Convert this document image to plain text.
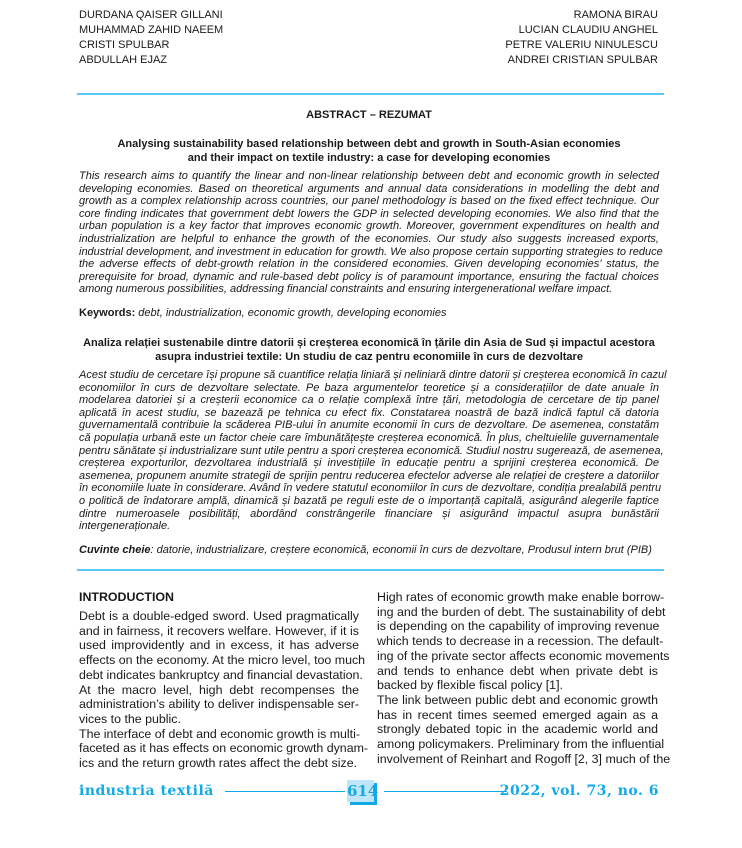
DURDANA QAISER GILLANI
MUHAMMAD ZAHID NAEEM
CRISTI SPULBAR
ABDULLAH EJAZ
RAMONA BIRAU
LUCIAN CLAUDIU ANGHEL
PETRE VALERIU NINULESCU
ANDREI CRISTIAN SPULBAR
ABSTRACT – REZUMAT
Analysing sustainability based relationship between debt and growth in South-Asian economies
and their impact on textile industry: a case for developing economies
This research aims to quantify the linear and non-linear relationship between debt and economic growth in selected
developing economies. Based on theoretical arguments and annual data considerations in modelling the debt and
growth as a complex relationship across countries, our panel methodology is based on the fixed effect technique. Our
core finding indicates that government debt lowers the GDP in selected developing economies. We also find that the
urban population is a key factor that improves economic growth. Moreover, government expenditures on health and
industrialization are helpful to enhance the growth of the economies. Our study also suggests increased exports,
industrial development, and investment in education for growth. We also propose certain supporting strategies to reduce
the adverse effects of debt-growth relation in the considered economies. Given developing economies’ status, the
prerequisite for broad, dynamic and rule-based debt policy is of paramount importance, ensuring the factual choices
among numerous possibilities, addressing financial constraints and ensuring intergenerational welfare impact.
Keywords: debt, industrialization, economic growth, developing economies
Analiza relației sustenabile dintre datorii și creșterea economică în țările din Asia de Sud și impactul acestora
asupra industriei textile: Un studiu de caz pentru economiile în curs de dezvoltare
Acest studiu de cercetare își propune să cuantifice relația liniară și neliniară dintre datorii și creșterea economică în cazul
economiilor în curs de dezvoltare selectate. Pe baza argumentelor teoretice și a considerațiilor de date anuale în
modelarea datoriei și a creșterii economice ca o relație complexă între țări, metodologia de cercetare de tip panel
aplicată în acest studiu, se bazează pe tehnica cu efect fix. Constatarea noastră de bază indică faptul că datoria
guvernamentală contribuie la scăderea PIB-ului în anumite economii în curs de dezvoltare. De asemenea, constatăm
că populația urbană este un factor cheie care îmbunătățește creșterea economică. În plus, cheltuielile guvernamentale
pentru sănătate și industrializare sunt utile pentru a spori creșterea economică. Studiul nostru sugerează, de asemenea,
creșterea exporturilor, dezvoltarea industrială și investițiile în educație pentru a sprijini creșterea economică. De
asemenea, propunem anumite strategii de sprijin pentru reducerea efectelor adverse ale relației de creștere a datoriilor
în economiile luate în considerare. Având în vedere statutul economiilor în curs de dezvoltare, condiția prealabilă pentru
o politică de îndatorare amplă, dinamică și bazată pe reguli este de o importanță capitală, asigurând alegerile faptice
dintre numeroasele posibilități, abordând constrângerile financiare și asigurând impactul asupra bunăstării
intergeneraționale.
Cuvinte cheie: datorie, industrializare, creștere economică, economii în curs de dezvoltare, Produsul intern brut (PIB)
INTRODUCTION
Debt is a double-edged sword. Used pragmatically
and in fairness, it recovers welfare. However, if it is
used improvidently and in excess, it has adverse
effects on the economy. At the micro level, too much
debt indicates bankruptcy and financial devastation.
At the macro level, high debt recompenses the
administration’s ability to deliver indispensable ser-
vices to the public.
The interface of debt and economic growth is multi-
faceted as it has effects on economic growth dynam-
ics and the return growth rates affect the debt size.
High rates of economic growth make enable borrow-
ing and the burden of debt. The sustainability of debt
is depending on the capability of improving revenue
which tends to decrease in a recession. The default-
ing of the private sector affects economic movements
and tends to enhance debt when private debt is
backed by flexible fiscal policy [1].
The link between public debt and economic growth
has in recent times seemed emerged again as a
strongly debated topic in the academic world and
among policymakers. Preliminary from the influential
involvement of Reinhart and Rogoff [2, 3] much of the
industria textilă	614	2022, vol. 73, no. 6
